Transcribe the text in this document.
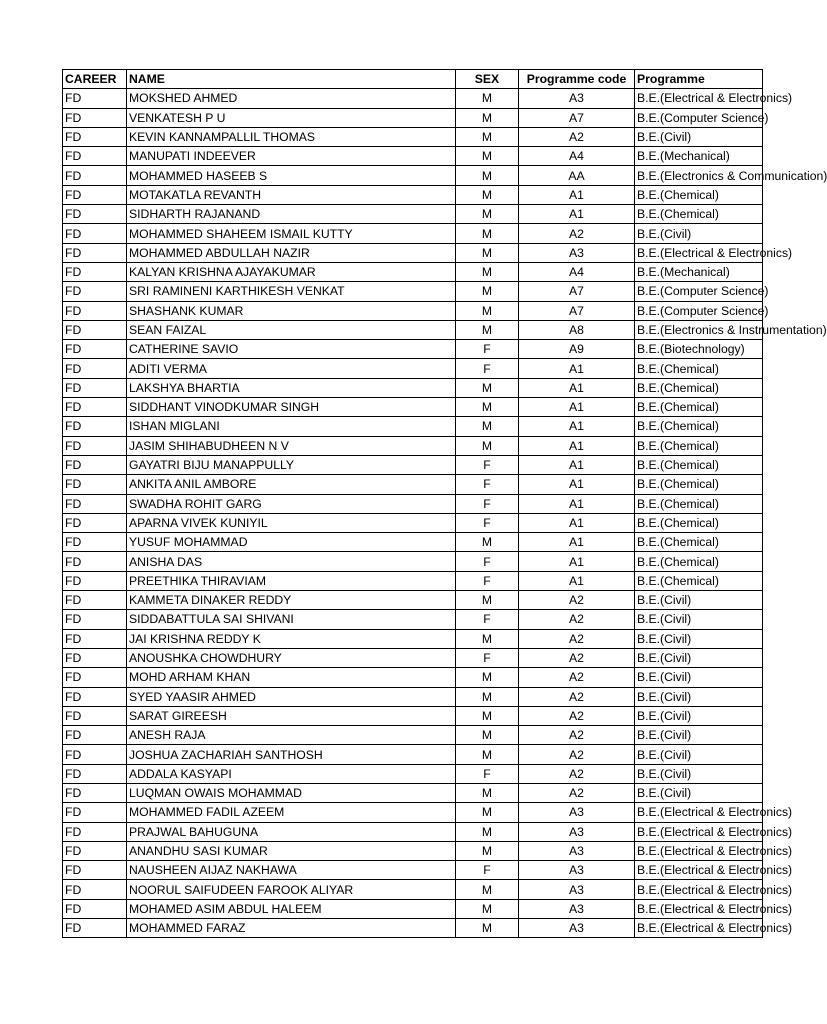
CAREER	NAME	SEX	Programme code	Programme
FD	MOKSHED AHMED	M	A3	B.E.(Electrical & Electronics)
FD	VENKATESH P U	M	A7	B.E.(Computer Science)
FD	KEVIN KANNAMPALLIL THOMAS	M	A2	B.E.(Civil)
FD	MANUPATI INDEEVER	M	A4	B.E.(Mechanical)
FD	MOHAMMED HASEEB S	M	AA	B.E.(Electronics & Communication)
FD	MOTAKATLA REVANTH	M	A1	B.E.(Chemical)
FD	SIDHARTH RAJANAND	M	A1	B.E.(Chemical)
FD	MOHAMMED SHAHEEM ISMAIL KUTTY	M	A2	B.E.(Civil)
FD	MOHAMMED ABDULLAH NAZIR	M	A3	B.E.(Electrical & Electronics)
FD	KALYAN KRISHNA AJAYAKUMAR	M	A4	B.E.(Mechanical)
FD	SRI RAMINENI KARTHIKESH VENKAT	M	A7	B.E.(Computer Science)
FD	SHASHANK KUMAR	M	A7	B.E.(Computer Science)
FD	SEAN FAIZAL	M	A8	B.E.(Electronics & Instrumentation)
FD	CATHERINE SAVIO	F	A9	B.E.(Biotechnology)
FD	ADITI VERMA	F	A1	B.E.(Chemical)
FD	LAKSHYA BHARTIA	M	A1	B.E.(Chemical)
FD	SIDDHANT VINODKUMAR SINGH	M	A1	B.E.(Chemical)
FD	ISHAN MIGLANI	M	A1	B.E.(Chemical)
FD	JASIM SHIHABUDHEEN N V	M	A1	B.E.(Chemical)
FD	GAYATRI BIJU MANAPPULLY	F	A1	B.E.(Chemical)
FD	ANKITA ANIL AMBORE	F	A1	B.E.(Chemical)
FD	SWADHA ROHIT GARG	F	A1	B.E.(Chemical)
FD	APARNA VIVEK KUNIYIL	F	A1	B.E.(Chemical)
FD	YUSUF MOHAMMAD	M	A1	B.E.(Chemical)
FD	ANISHA DAS	F	A1	B.E.(Chemical)
FD	PREETHIKA THIRAVIAM	F	A1	B.E.(Chemical)
FD	KAMMETA DINAKER REDDY	M	A2	B.E.(Civil)
FD	SIDDABATTULA SAI SHIVANI	F	A2	B.E.(Civil)
FD	JAI KRISHNA REDDY K	M	A2	B.E.(Civil)
FD	ANOUSHKA CHOWDHURY	F	A2	B.E.(Civil)
FD	MOHD ARHAM KHAN	M	A2	B.E.(Civil)
FD	SYED YAASIR AHMED	M	A2	B.E.(Civil)
FD	SARAT GIREESH	M	A2	B.E.(Civil)
FD	ANESH RAJA	M	A2	B.E.(Civil)
FD	JOSHUA ZACHARIAH SANTHOSH	M	A2	B.E.(Civil)
FD	ADDALA KASYAPI	F	A2	B.E.(Civil)
FD	LUQMAN OWAIS MOHAMMAD	M	A2	B.E.(Civil)
FD	MOHAMMED FADIL AZEEM	M	A3	B.E.(Electrical & Electronics)
FD	PRAJWAL BAHUGUNA	M	A3	B.E.(Electrical & Electronics)
FD	ANANDHU SASI KUMAR	M	A3	B.E.(Electrical & Electronics)
FD	NAUSHEEN AIJAZ NAKHAWA	F	A3	B.E.(Electrical & Electronics)
FD	NOORUL SAIFUDEEN FAROOK ALIYAR	M	A3	B.E.(Electrical & Electronics)
FD	MOHAMED ASIM ABDUL HALEEM	M	A3	B.E.(Electrical & Electronics)
FD	MOHAMMED FARAZ	M	A3	B.E.(Electrical & Electronics)
